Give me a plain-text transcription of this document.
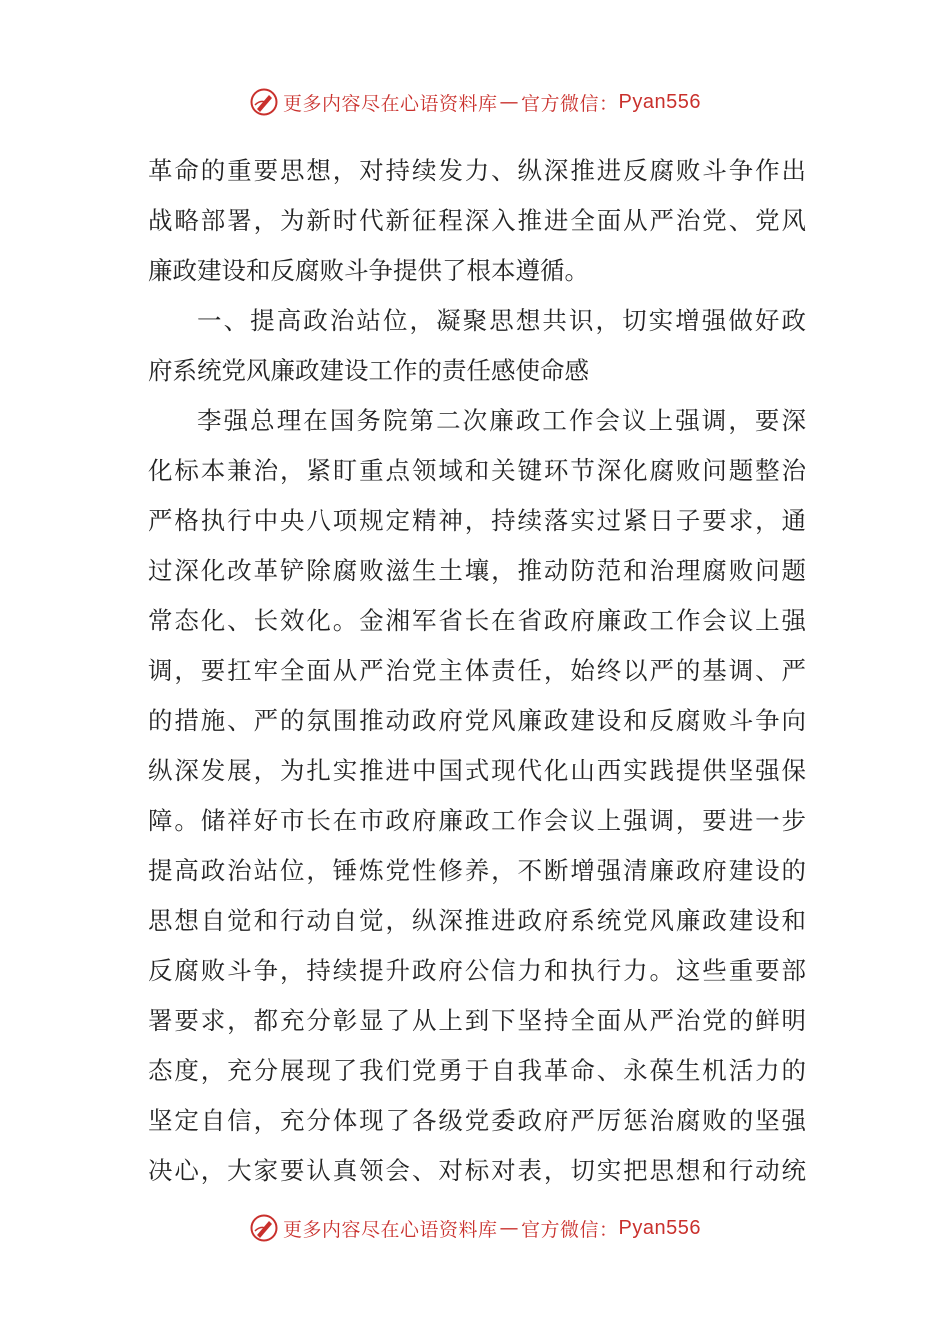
更多内容尽在心语资料库 — 官方微信： Pyan556
革命的重要思想，对持续发力、纵深推进反腐败斗争作出
战略部署，为新时代新征程深入推进全面从严治党、党风
廉政建设和反腐败斗争提供了根本遵循。
一、提高政治站位，凝聚思想共识，切实增强做好政
府系统党风廉政建设工作的责任感使命感
李强总理在国务院第二次廉政工作会议上强调，要深
化标本兼治，紧盯重点领域和关键环节深化腐败问题整治
严格执行中央八项规定精神，持续落实过紧日子要求，通
过深化改革铲除腐败滋生土壤，推动防范和治理腐败问题
常态化、长效化。金湘军省长在省政府廉政工作会议上强
调，要扛牢全面从严治党主体责任，始终以严的基调、严
的措施、严的氛围推动政府党风廉政建设和反腐败斗争向
纵深发展，为扎实推进中国式现代化山西实践提供坚强保
障。储祥好市长在市政府廉政工作会议上强调，要进一步
提高政治站位，锤炼党性修养，不断增强清廉政府建设的
思想自觉和行动自觉，纵深推进政府系统党风廉政建设和
反腐败斗争，持续提升政府公信力和执行力。这些重要部
署要求，都充分彰显了从上到下坚持全面从严治党的鲜明
态度，充分展现了我们党勇于自我革命、永葆生机活力的
坚定自信，充分体现了各级党委政府严厉惩治腐败的坚强
决心，大家要认真领会、对标对表，切实把思想和行动统
更多内容尽在心语资料库 — 官方微信： Pyan556
